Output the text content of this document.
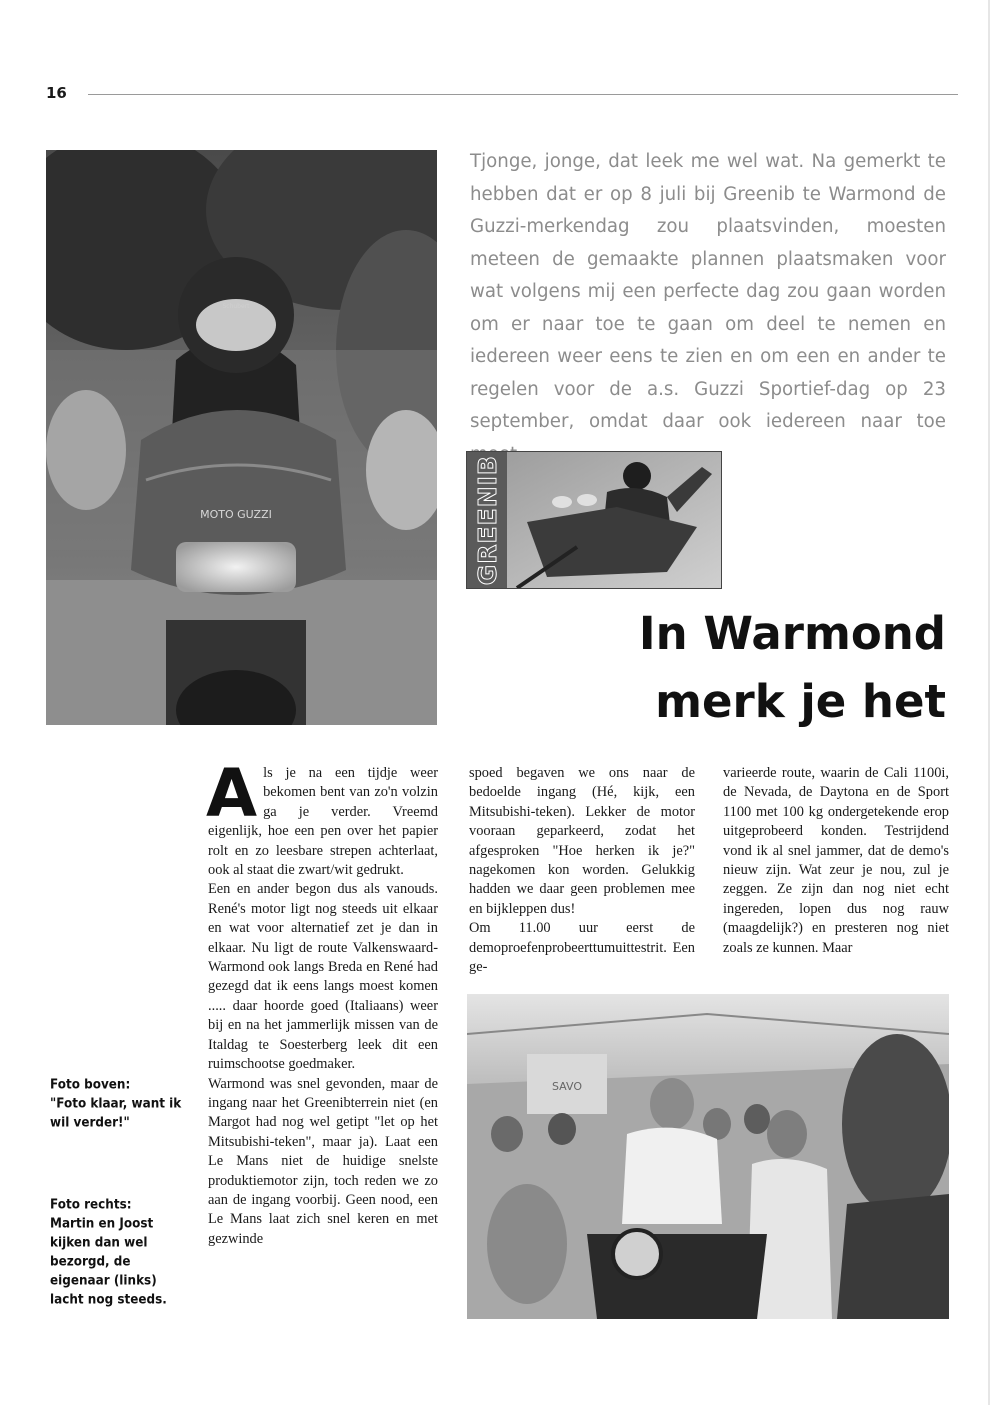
16
MOTO GUZZI
Schubert

Tjonge, jonge, dat leek me wel wat. Na gemerkt te hebben dat er op 8 juli bij Greenib te Warmond de Guzzi-merkendag zou plaatsvinden, moesten meteen de gemaakte plannen plaatsmaken voor wat volgens mij een perfecte dag zou gaan worden om er naar toe te gaan om deel te nemen en iedereen weer eens te zien en om een en ander te regelen voor de a.s. Guzzi Sportief-dag op 23 september, omdat daar ook iedereen naar toe

GREENIB
In Warmond
merk je het

Als je na een tijdje weer bekomen bent van zo'n volzin ga je verder. Vreemd eigenlijk, hoe een pen over het papier rolt en zo leesbare strepen achterlaat, ook al staat die zwart/wit gedrukt.

Een en ander begon dus als vanouds. René's motor ligt nog steeds uit elkaar en wat voor alternatief zet je dan in elkaar. Nu ligt de route Valkenswaard-Warmond ook langs Breda en René had gezegd dat ik eens langs moest komen ..... daar hoorde goed (Italiaans) weer bij en na het jammerlijk missen van de Italdag te Soesterberg leek dit een ruimschootse goedmaker.

Warmond was snel gevonden, maar de ingang naar het Greenibterrein niet (en Margot had nog wel getipt "let op het Mitsubishi-teken", maar ja). Laat een Le Mans niet de huidige snelste produktiemotor zijn, toch reden we zo aan de ingang voorbij. Geen nood, een Le Mans laat zich snel keren en met gezwinde

spoed begaven we ons naar de bedoelde ingang (Hé, kijk, een Mitsubishi-teken). Lekker de motor vooraan geparkeerd, zodat het afgesproken "Hoe herken ik je?" nagekomen kon worden. Gelukkig hadden we daar geen problemen mee en bijkleppen dus!

Om 11.00 uur eerst de demoproefenprobeerttumuittestrit. Een ge-

varieerde route, waarin de Cali 1100i, de Nevada, de Daytona en de Sport 1100 met 100 kg ondergetekende erop uitgeprobeerd konden. Testrijdend vond ik al snel jammer, dat de demo's nieuw zijn. Wat zeur je nou, zul je zeggen. Ze zijn dan nog niet echt ingereden, lopen dus nog rauw (maagdelijk?) en presteren nog niet zoals ze kunnen. Maar

SAVO
Foto boven:
"Foto klaar, want ik wil verder!"
Foto rechts:
Martin en Joost kijken dan wel bezorgd, de eigenaar (links) lacht nog steeds.
